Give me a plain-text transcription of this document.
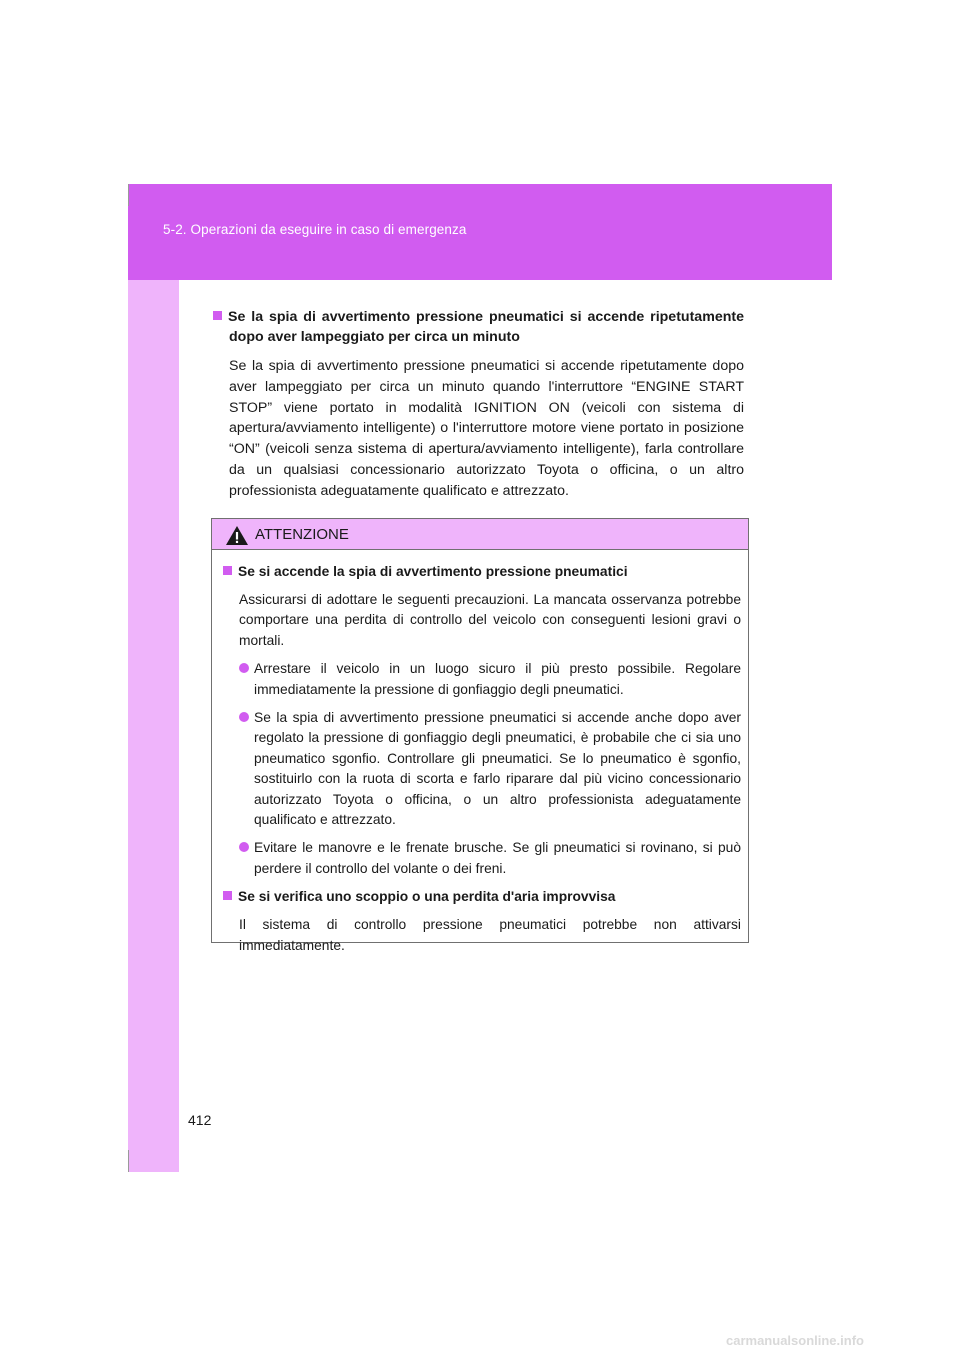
5-2. Operazioni da eseguire in caso di emergenza
412
Se la spia di avvertimento pressione pneumatici si accende ripetutamente dopo aver lampeggiato per circa un minuto
Se la spia di avvertimento pressione pneumatici si accende ripetutamente dopo aver lampeggiato per circa un minuto quando l'interruttore “ENGINE START STOP” viene portato in modalità IGNITION ON (veicoli con sistema di apertura/avviamento intelligente) o l'interruttore motore viene portato in posizione “ON” (veicoli senza sistema di apertura/avviamento intelligente), farla controllare da un qualsiasi concessionario autorizzato Toyota o officina, o un altro professionista adeguatamente qualificato e attrezzato.
ATTENZIONE
Se si accende la spia di avvertimento pressione pneumatici
Assicurarsi di adottare le seguenti precauzioni. La mancata osservanza potrebbe comportare una perdita di controllo del veicolo con conseguenti lesioni gravi o mortali.
Arrestare il veicolo in un luogo sicuro il più presto possibile. Regolare immediatamente la pressione di gonfiaggio degli pneumatici.
Se la spia di avvertimento pressione pneumatici si accende anche dopo aver regolato la pressione di gonfiaggio degli pneumatici, è probabile che ci sia uno pneumatico sgonfio. Controllare gli pneumatici. Se lo pneumatico è sgonfio, sostituirlo con la ruota di scorta e farlo riparare dal più vicino concessionario autorizzato Toyota o officina, o un altro professionista adeguatamente qualificato e attrezzato.
Evitare le manovre e le frenate brusche. Se gli pneumatici si rovinano, si può perdere il controllo del volante o dei freni.
Se si verifica uno scoppio o una perdita d'aria improvvisa
Il sistema di controllo pressione pneumatici potrebbe non attivarsi immediatamente.
carmanualsonline.info
